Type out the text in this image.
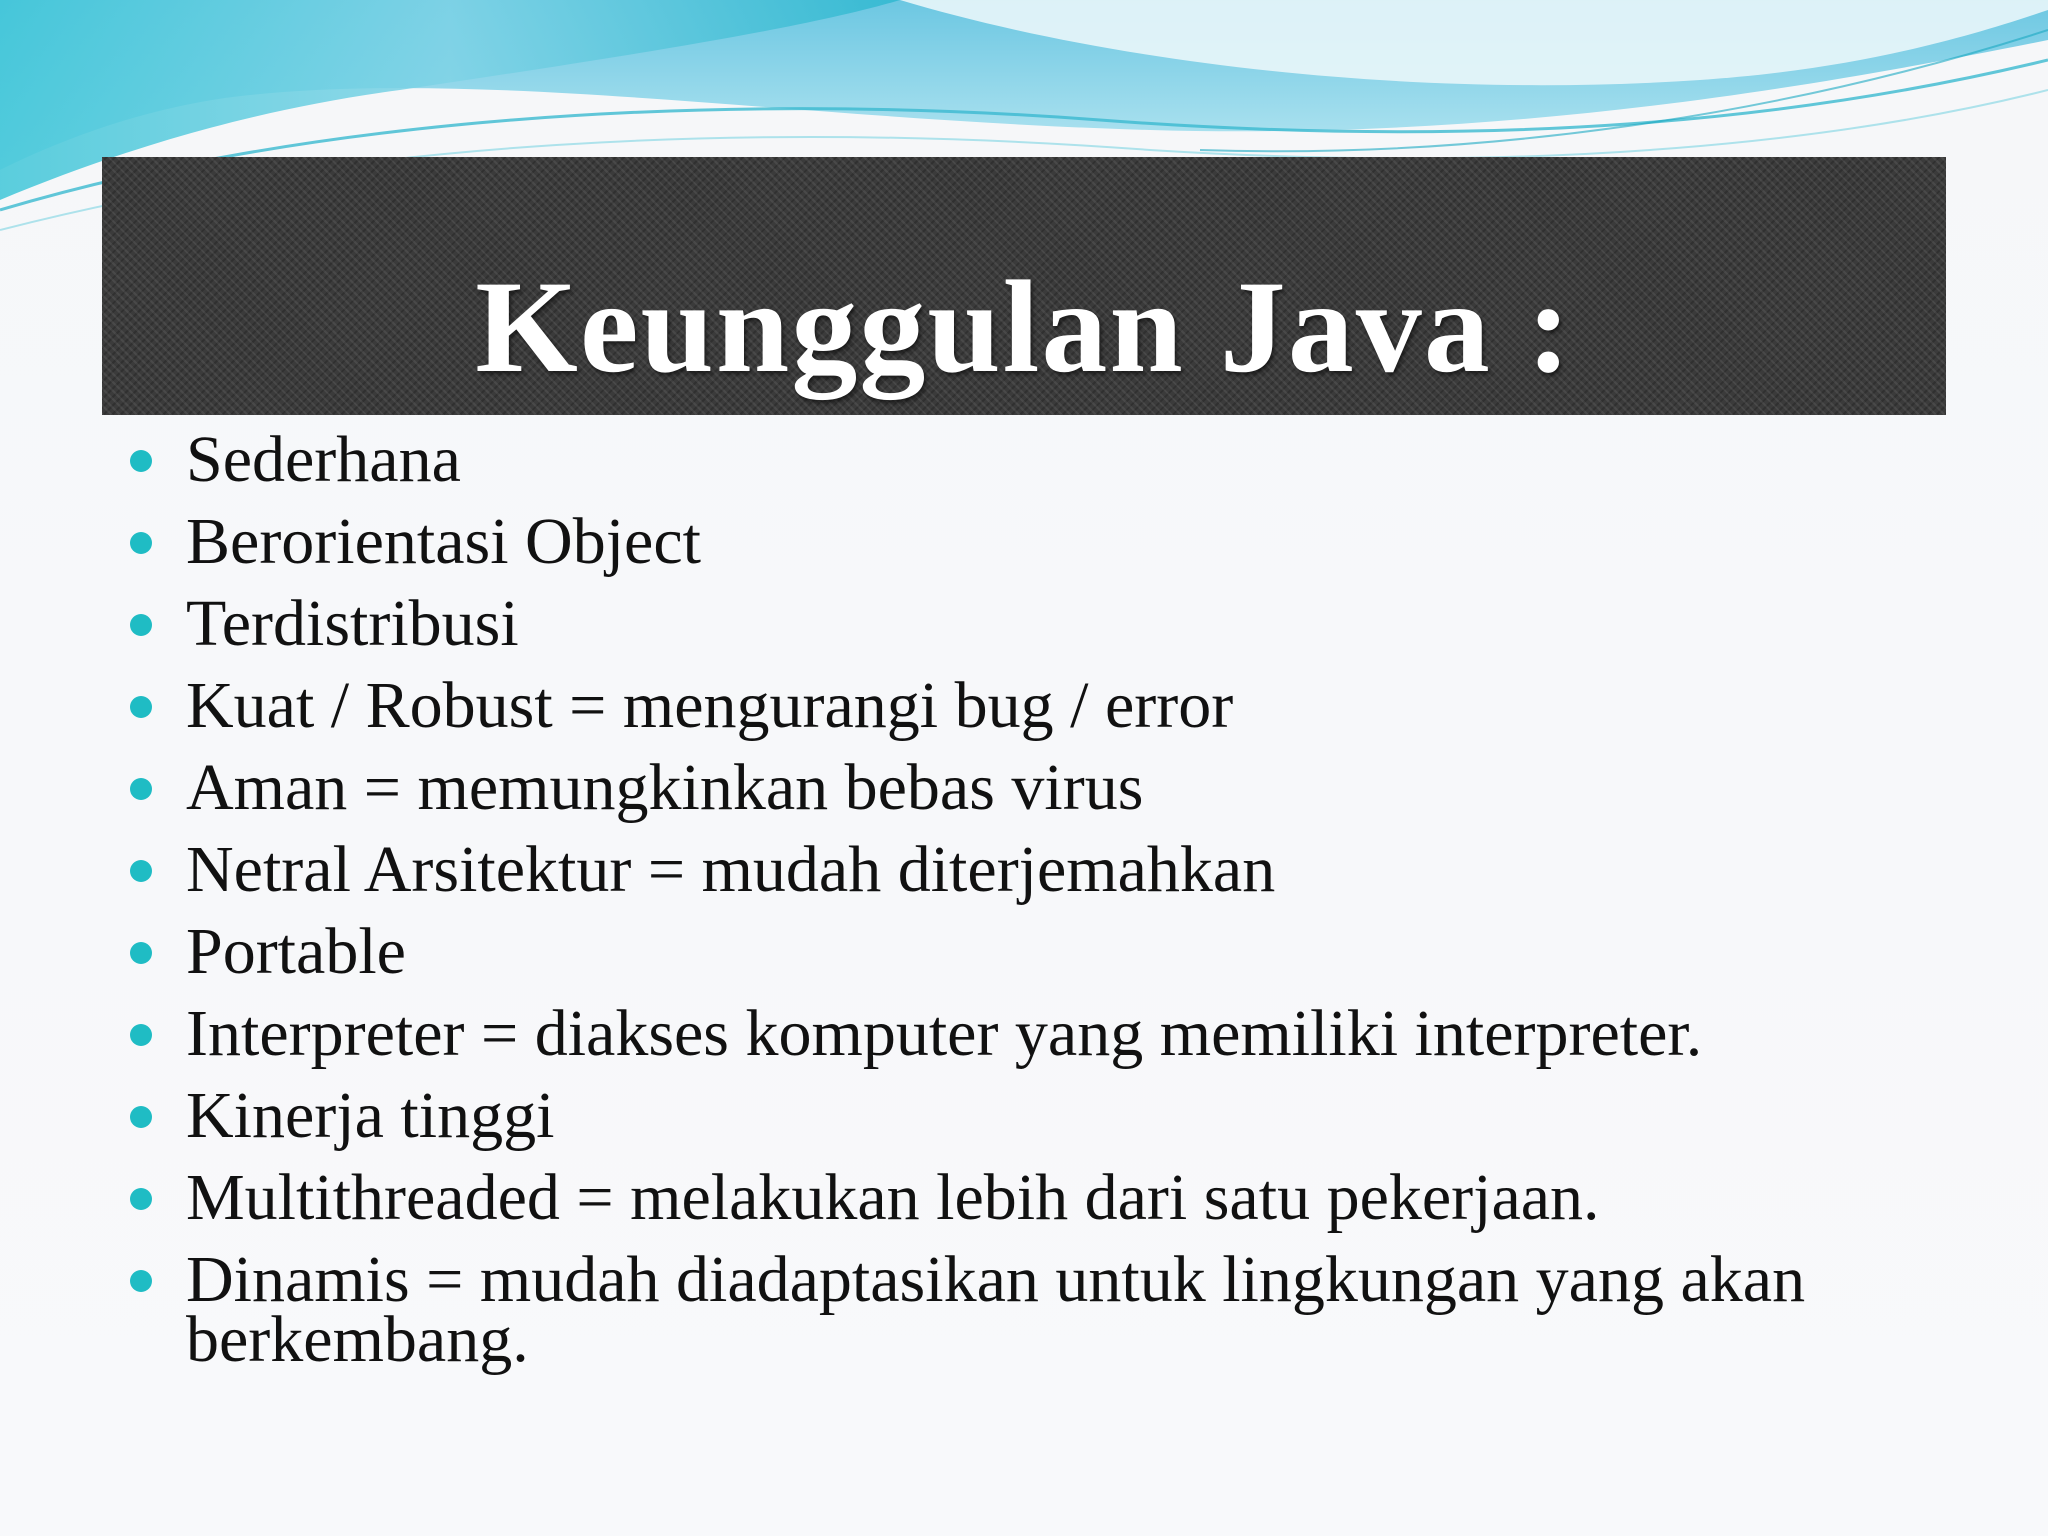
Keunggulan Java :
Sederhana
Berorientasi Object
Terdistribusi
Kuat / Robust = mengurangi bug / error
Aman = memungkinkan bebas virus
Netral Arsitektur = mudah diterjemahkan
Portable
Interpreter = diakses komputer yang memiliki interpreter.
Kinerja tinggi
Multithreaded = melakukan lebih dari satu pekerjaan.
Dinamis = mudah diadaptasikan untuk lingkungan yang akan berkembang.
